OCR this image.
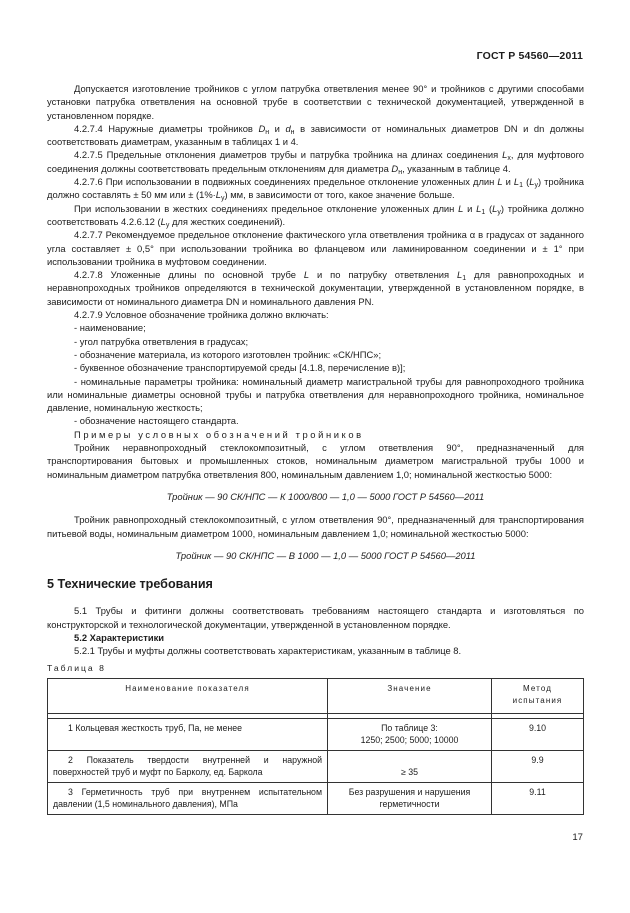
ГОСТ Р 54560—2011

Допускается изготовление тройников с углом патрубка ответвления менее 90° и тройников с другими способами установки патрубка ответвления на основной трубе в соответствии с технической документацией, утвержденной в установленном порядке.

4.2.7.4 Наружные диаметры тройников $D_н$ и $d_н$ в зависимости от номинальных диаметров DN и dn должны соответствовать диаметрам, указанным в таблицах 1 и 4.

4.2.7.5 Предельные отклонения диаметров трубы и патрубка тройника на длинах соединения $L_x$, для муфтового соединения должны соответствовать предельным отклонениям для диаметра $D_н$, указанным в таблице 4.

4.2.7.6 При использовании в подвижных соединениях предельное отклонение уложенных длин L и $L_1$ $(L_у)$ тройника должно составлять ± 50 мм или ± $(1\%\cdot L_у)$ мм, в зависимости от того, какое значение больше.

При использовании в жестких соединениях предельное отклонение уложенных длин L и $L_1$ $(L_у)$ тройника должно соответствовать 4.2.6.12 ($L_у$ для жестких соединений).

4.2.7.7 Рекомендуемое предельное отклонение фактического угла ответвления тройника α в градусах от заданного угла составляет ± 0,5° при использовании тройника во фланцевом или ламинированном соединении и ± 1° при использовании тройника в муфтовом соединении.

4.2.7.8 Уложенные длины по основной трубе L и по патрубку ответвления $L_1$ для равнопроходных и неравнопроходных тройников определяются в технической документации, утвержденной в установленном порядке, в зависимости от номинального диаметра DN и номинального давления PN.

4.2.7.9 Условное обозначение тройника должно включать:

- наименование;

- угол патрубка ответвления в градусах;

- обозначение материала, из которого изготовлен тройник: «СК/НПС»;

- буквенное обозначение транспортируемой среды [4.1.8, перечисление в)];

- номинальные параметры тройника: номинальный диаметр магистральной трубы для равнопроходного тройника или номинальные диаметры основной трубы и патрубка ответвления для неравнопроходного тройника, номинальное давление, номинальную жесткость;

- обозначение настоящего стандарта.

Примеры условных обозначений тройников

Тройник неравнопроходный стеклокомпозитный, с углом ответвления 90°, предназначенный для транспортирования бытовых и промышленных стоков, номинальным диаметром магистральной трубы 1000 и номинальным диаметром патрубка ответвления 800, номинальным давлением 1,0; номинальной жесткостью 5000:

Тройник — 90 СК/НПС — К 1000/800 — 1,0 — 5000 ГОСТ Р 54560—2011

Тройник равнопроходный стеклокомпозитный, с углом ответвления 90°, предназначенный для транспортирования питьевой воды, номинальным диаметром 1000, номинальным давлением 1,0; номинальной жесткостью 5000:

Тройник — 90 СК/НПС — В 1000 — 1,0 — 5000 ГОСТ Р 54560—2011

5 Технические требования

5.1 Трубы и фитинги должны соответствовать требованиям настоящего стандарта и изготовляться по конструкторской и технологической документации, утвержденной в установленном порядке.

5.2 Характеристики

5.2.1 Трубы и муфты должны соответствовать характеристикам, указанным в таблице 8.

Таблица 8

Наименование показателя	Значение	Метод испытания

1 Кольцевая жесткость труб, Па, не менее	По таблице 3:
1250; 2500; 5000; 10000	9.10
2 Показатель твердости внутренней и наружной поверхностей труб и муфт по Барколу, ед. Баркола	≥ 35	9.9
3 Герметичность труб при внутреннем испытательном давлении (1,5 номинального давления), МПа	Без разрушения и нарушения
герметичности	9.11
17
